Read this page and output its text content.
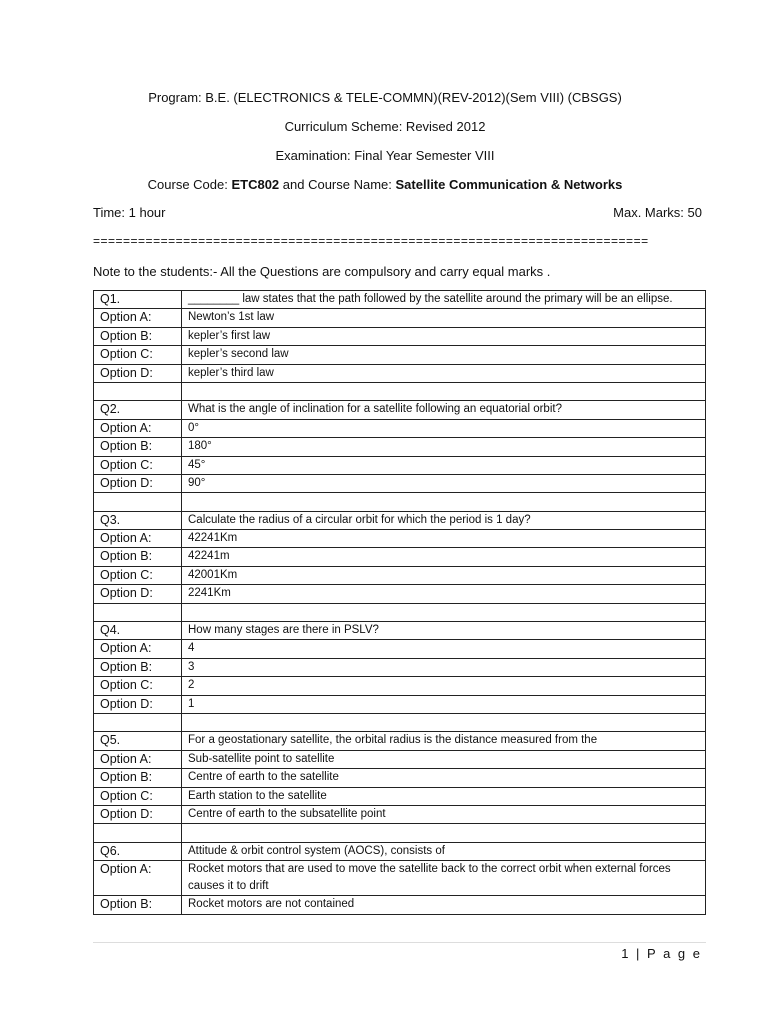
Program: B.E. (ELECTRONICS & TELE-COMMN)(REV-2012)(Sem VIII) (CBSGS)
Curriculum Scheme: Revised 2012
Examination: Final Year Semester VIII
Course Code: ETC802 and Course Name: Satellite Communication & Networks
Time: 1 hour	Max. Marks: 50
==========================================================================
Note to the students:- All the Questions are compulsory and carry equal marks .
Q1.	________ law states that the path followed by the satellite around the primary will be an ellipse.
Option A:	Newton’s 1st law
Option B:	kepler’s first law
Option C:	kepler’s second law
Option D:	kepler’s third law

Q2.	What is the angle of inclination for a satellite following an equatorial orbit?
Option A:	0°
Option B:	180°
Option C:	45°
Option D:	90°

Q3.	Calculate the radius of a circular orbit for which the period is 1 day?
Option A:	42241Km
Option B:	42241m
Option C:	42001Km
Option D:	2241Km

Q4.	How many stages are there in PSLV?
Option A:	4
Option B:	3
Option C:	2
Option D:	1

Q5.	For a geostationary satellite, the orbital radius is the distance measured from the
Option A:	Sub-satellite point to satellite
Option B:	Centre of earth to the satellite
Option C:	Earth station to the satellite
Option D:	Centre of earth to the subsatellite point

Q6.	Attitude & orbit control system (AOCS), consists of
Option A:	Rocket motors that are used to move the satellite back to the correct orbit when external forces causes it to drift
Option B:	Rocket motors are not contained
1 | P a g e
